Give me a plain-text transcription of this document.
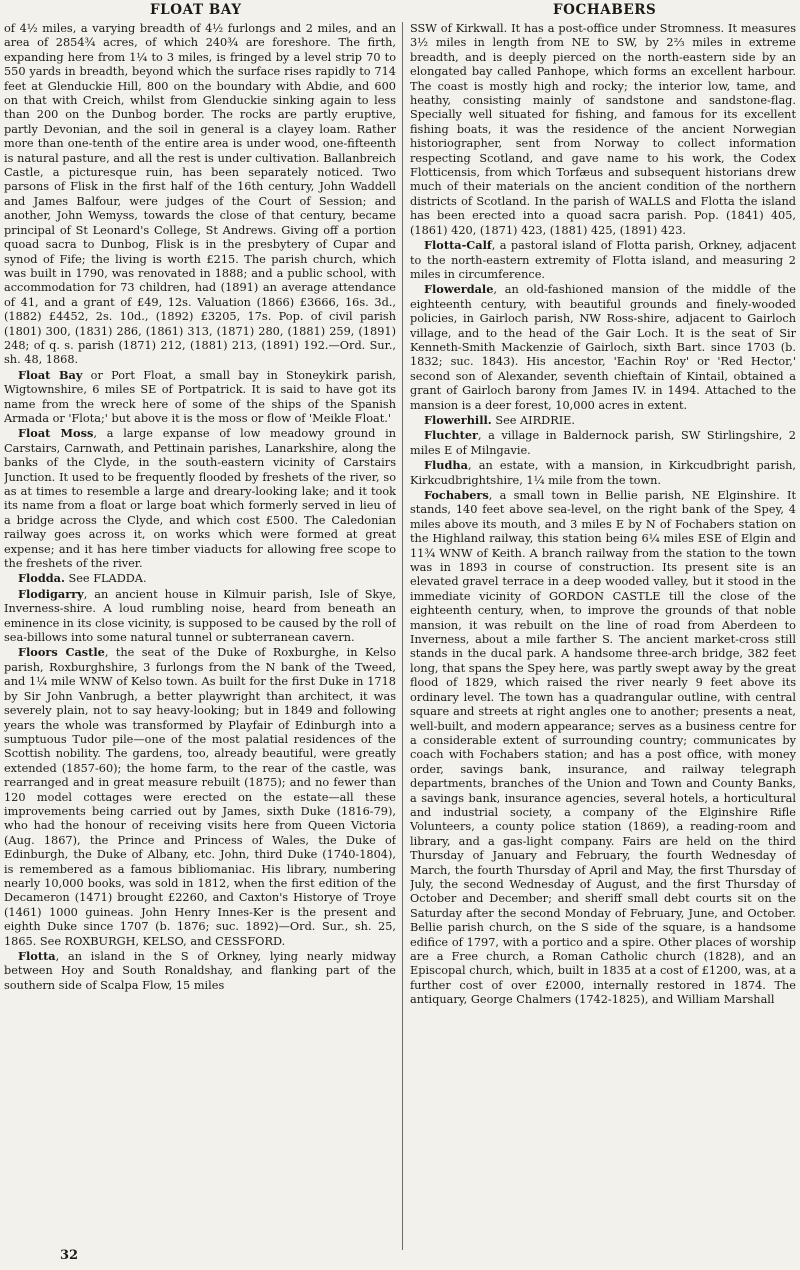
FLOAT BAY	FOCHABERS

of 4½ miles, a varying breadth of 4½ furlongs and 2 miles, and an area of 2854¾ acres, of which 240¾ are foreshore. The firth, expanding here from 1¼ to 3 miles, is fringed by a level strip 70 to 550 yards in breadth, beyond which the surface rises rapidly to 714 feet at Glenduckie Hill, 800 on the boundary with Abdie, and 600 on that with Creich, whilst from Glenduckie sinking again to less than 200 on the Dunbog border. The rocks are partly eruptive, partly Devonian, and the soil in general is a clayey loam. Rather more than one-tenth of the entire area is under wood, one-fifteenth is natural pasture, and all the rest is under cultivation. Ballanbreich Castle, a picturesque ruin, has been separately noticed. Two parsons of Flisk in the first half of the 16th century, John Waddell and James Balfour, were judges of the Court of Session; and another, John Wemyss, towards the close of that century, became principal of St Leonard's College, St Andrews. Giving off a portion quoad sacra to Dunbog, Flisk is in the presbytery of Cupar and synod of Fife; the living is worth £215. The parish church, which was built in 1790, was renovated in 1888; and a public school, with accommodation for 73 children, had (1891) an average attendance of 41, and a grant of £49, 12s. Valuation (1866) £3666, 16s. 3d., (1882) £4452, 2s. 10d., (1892) £3205, 17s. Pop. of civil parish (1801) 300, (1831) 286, (1861) 313, (1871) 280, (1881) 259, (1891) 248; of q. s. parish (1871) 212, (1881) 213, (1891) 192.—Ord. Sur., sh. 48, 1868.

Float Bay or Port Float, a small bay in Stoneykirk parish, Wigtownshire, 6 miles SE of Portpatrick. It is said to have got its name from the wreck here of some of the ships of the Spanish Armada or 'Flota;' but above it is the moss or flow of 'Meikle Float.'

Float Moss, a large expanse of low meadowy ground in Carstairs, Carnwath, and Pettinain parishes, Lanarkshire, along the banks of the Clyde, in the south-eastern vicinity of Carstairs Junction. It used to be frequently flooded by freshets of the river, so as at times to resemble a large and dreary-looking lake; and it took its name from a float or large boat which formerly served in lieu of a bridge across the Clyde, and which cost £500. The Caledonian railway goes across it, on works which were formed at great expense; and it has here timber viaducts for allowing free scope to the freshets of the river.

Flodda. See FLADDA.

Flodigarry, an ancient house in Kilmuir parish, Isle of Skye, Inverness-shire. A loud rumbling noise, heard from beneath an eminence in its close vicinity, is supposed to be caused by the roll of sea-billows into some natural tunnel or subterranean cavern.

Floors Castle, the seat of the Duke of Roxburghe, in Kelso parish, Roxburghshire, 3 furlongs from the N bank of the Tweed, and 1¼ mile WNW of Kelso town. As built for the first Duke in 1718 by Sir John Vanbrugh, a better playwright than architect, it was severely plain, not to say heavy-looking; but in 1849 and following years the whole was transformed by Playfair of Edinburgh into a sumptuous Tudor pile—one of the most palatial residences of the Scottish nobility. The gardens, too, already beautiful, were greatly extended (1857-60); the home farm, to the rear of the castle, was rearranged and in great measure rebuilt (1875); and no fewer than 120 model cottages were erected on the estate—all these improvements being carried out by James, sixth Duke (1816-79), who had the honour of receiving visits here from Queen Victoria (Aug. 1867), the Prince and Princess of Wales, the Duke of Edinburgh, the Duke of Albany, etc. John, third Duke (1740-1804), is remembered as a famous bibliomaniac. His library, numbering nearly 10,000 books, was sold in 1812, when the first edition of the Decameron (1471) brought £2260, and Caxton's Historye of Troye (1461) 1000 guineas. John Henry Innes-Ker is the present and eighth Duke since 1707 (b. 1876; suc. 1892)—Ord. Sur., sh. 25, 1865. See ROXBURGH, KELSO, and CESSFORD.

Flotta, an island in the S of Orkney, lying nearly midway between Hoy and South Ronaldshay, and flanking part of the southern side of Scalpa Flow, 15 miles

SSW of Kirkwall. It has a post-office under Stromness. It measures 3½ miles in length from NE to SW, by 2⅔ miles in extreme breadth, and is deeply pierced on the north-eastern side by an elongated bay called Panhope, which forms an excellent harbour. The coast is mostly high and rocky; the interior low, tame, and heathy, consisting mainly of sandstone and sandstone-flag. Specially well situated for fishing, and famous for its excellent fishing boats, it was the residence of the ancient Norwegian historiographer, sent from Norway to collect information respecting Scotland, and gave name to his work, the Codex Flotticensis, from which Torfæus and subsequent historians drew much of their materials on the ancient condition of the northern districts of Scotland. In the parish of WALLS and Flotta the island has been erected into a quoad sacra parish. Pop. (1841) 405, (1861) 420, (1871) 423, (1881) 425, (1891) 423.

Flotta-Calf, a pastoral island of Flotta parish, Orkney, adjacent to the north-eastern extremity of Flotta island, and measuring 2 miles in circumference.

Flowerdale, an old-fashioned mansion of the middle of the eighteenth century, with beautiful grounds and finely-wooded policies, in Gairloch parish, NW Ross-shire, adjacent to Gairloch village, and to the head of the Gair Loch. It is the seat of Sir Kenneth-Smith Mackenzie of Gairloch, sixth Bart. since 1703 (b. 1832; suc. 1843). His ancestor, 'Eachin Roy' or 'Red Hector,' second son of Alexander, seventh chieftain of Kintail, obtained a grant of Gairloch barony from James IV. in 1494. Attached to the mansion is a deer forest, 10,000 acres in extent.

Flowerhill. See AIRDRIE.

Fluchter, a village in Baldernock parish, SW Stirlingshire, 2 miles E of Milngavie.

Fludha, an estate, with a mansion, in Kirkcudbright parish, Kirkcudbrightshire, 1¼ mile from the town.

Fochabers, a small town in Bellie parish, NE Elginshire. It stands, 140 feet above sea-level, on the right bank of the Spey, 4 miles above its mouth, and 3 miles E by N of Fochabers station on the Highland railway, this station being 6¼ miles ESE of Elgin and 11¾ WNW of Keith. A branch railway from the station to the town was in 1893 in course of construction. Its present site is an elevated gravel terrace in a deep wooded valley, but it stood in the immediate vicinity of GORDON CASTLE till the close of the eighteenth century, when, to improve the grounds of that noble mansion, it was rebuilt on the line of road from Aberdeen to Inverness, about a mile farther S. The ancient market-cross still stands in the ducal park. A handsome three-arch bridge, 382 feet long, that spans the Spey here, was partly swept away by the great flood of 1829, which raised the river nearly 9 feet above its ordinary level. The town has a quadrangular outline, with central square and streets at right angles one to another; presents a neat, well-built, and modern appearance; serves as a business centre for a considerable extent of surrounding country; communicates by coach with Fochabers station; and has a post office, with money order, savings bank, insurance, and railway telegraph departments, branches of the Union and Town and County Banks, a savings bank, insurance agencies, several hotels, a horticultural and industrial society, a company of the Elginshire Rifle Volunteers, a county police station (1869), a reading-room and library, and a gas-light company. Fairs are held on the third Thursday of January and February, the fourth Wednesday of March, the fourth Thursday of April and May, the first Thursday of July, the second Wednesday of August, and the first Thursday of October and December; and sheriff small debt courts sit on the Saturday after the second Monday of February, June, and October. Bellie parish church, on the S side of the square, is a handsome edifice of 1797, with a portico and a spire. Other places of worship are a Free church, a Roman Catholic church (1828), and an Episcopal church, which, built in 1835 at a cost of £1200, was, at a further cost of over £2000, internally restored in 1874. The antiquary, George Chalmers (1742-1825), and William Marshall

32
